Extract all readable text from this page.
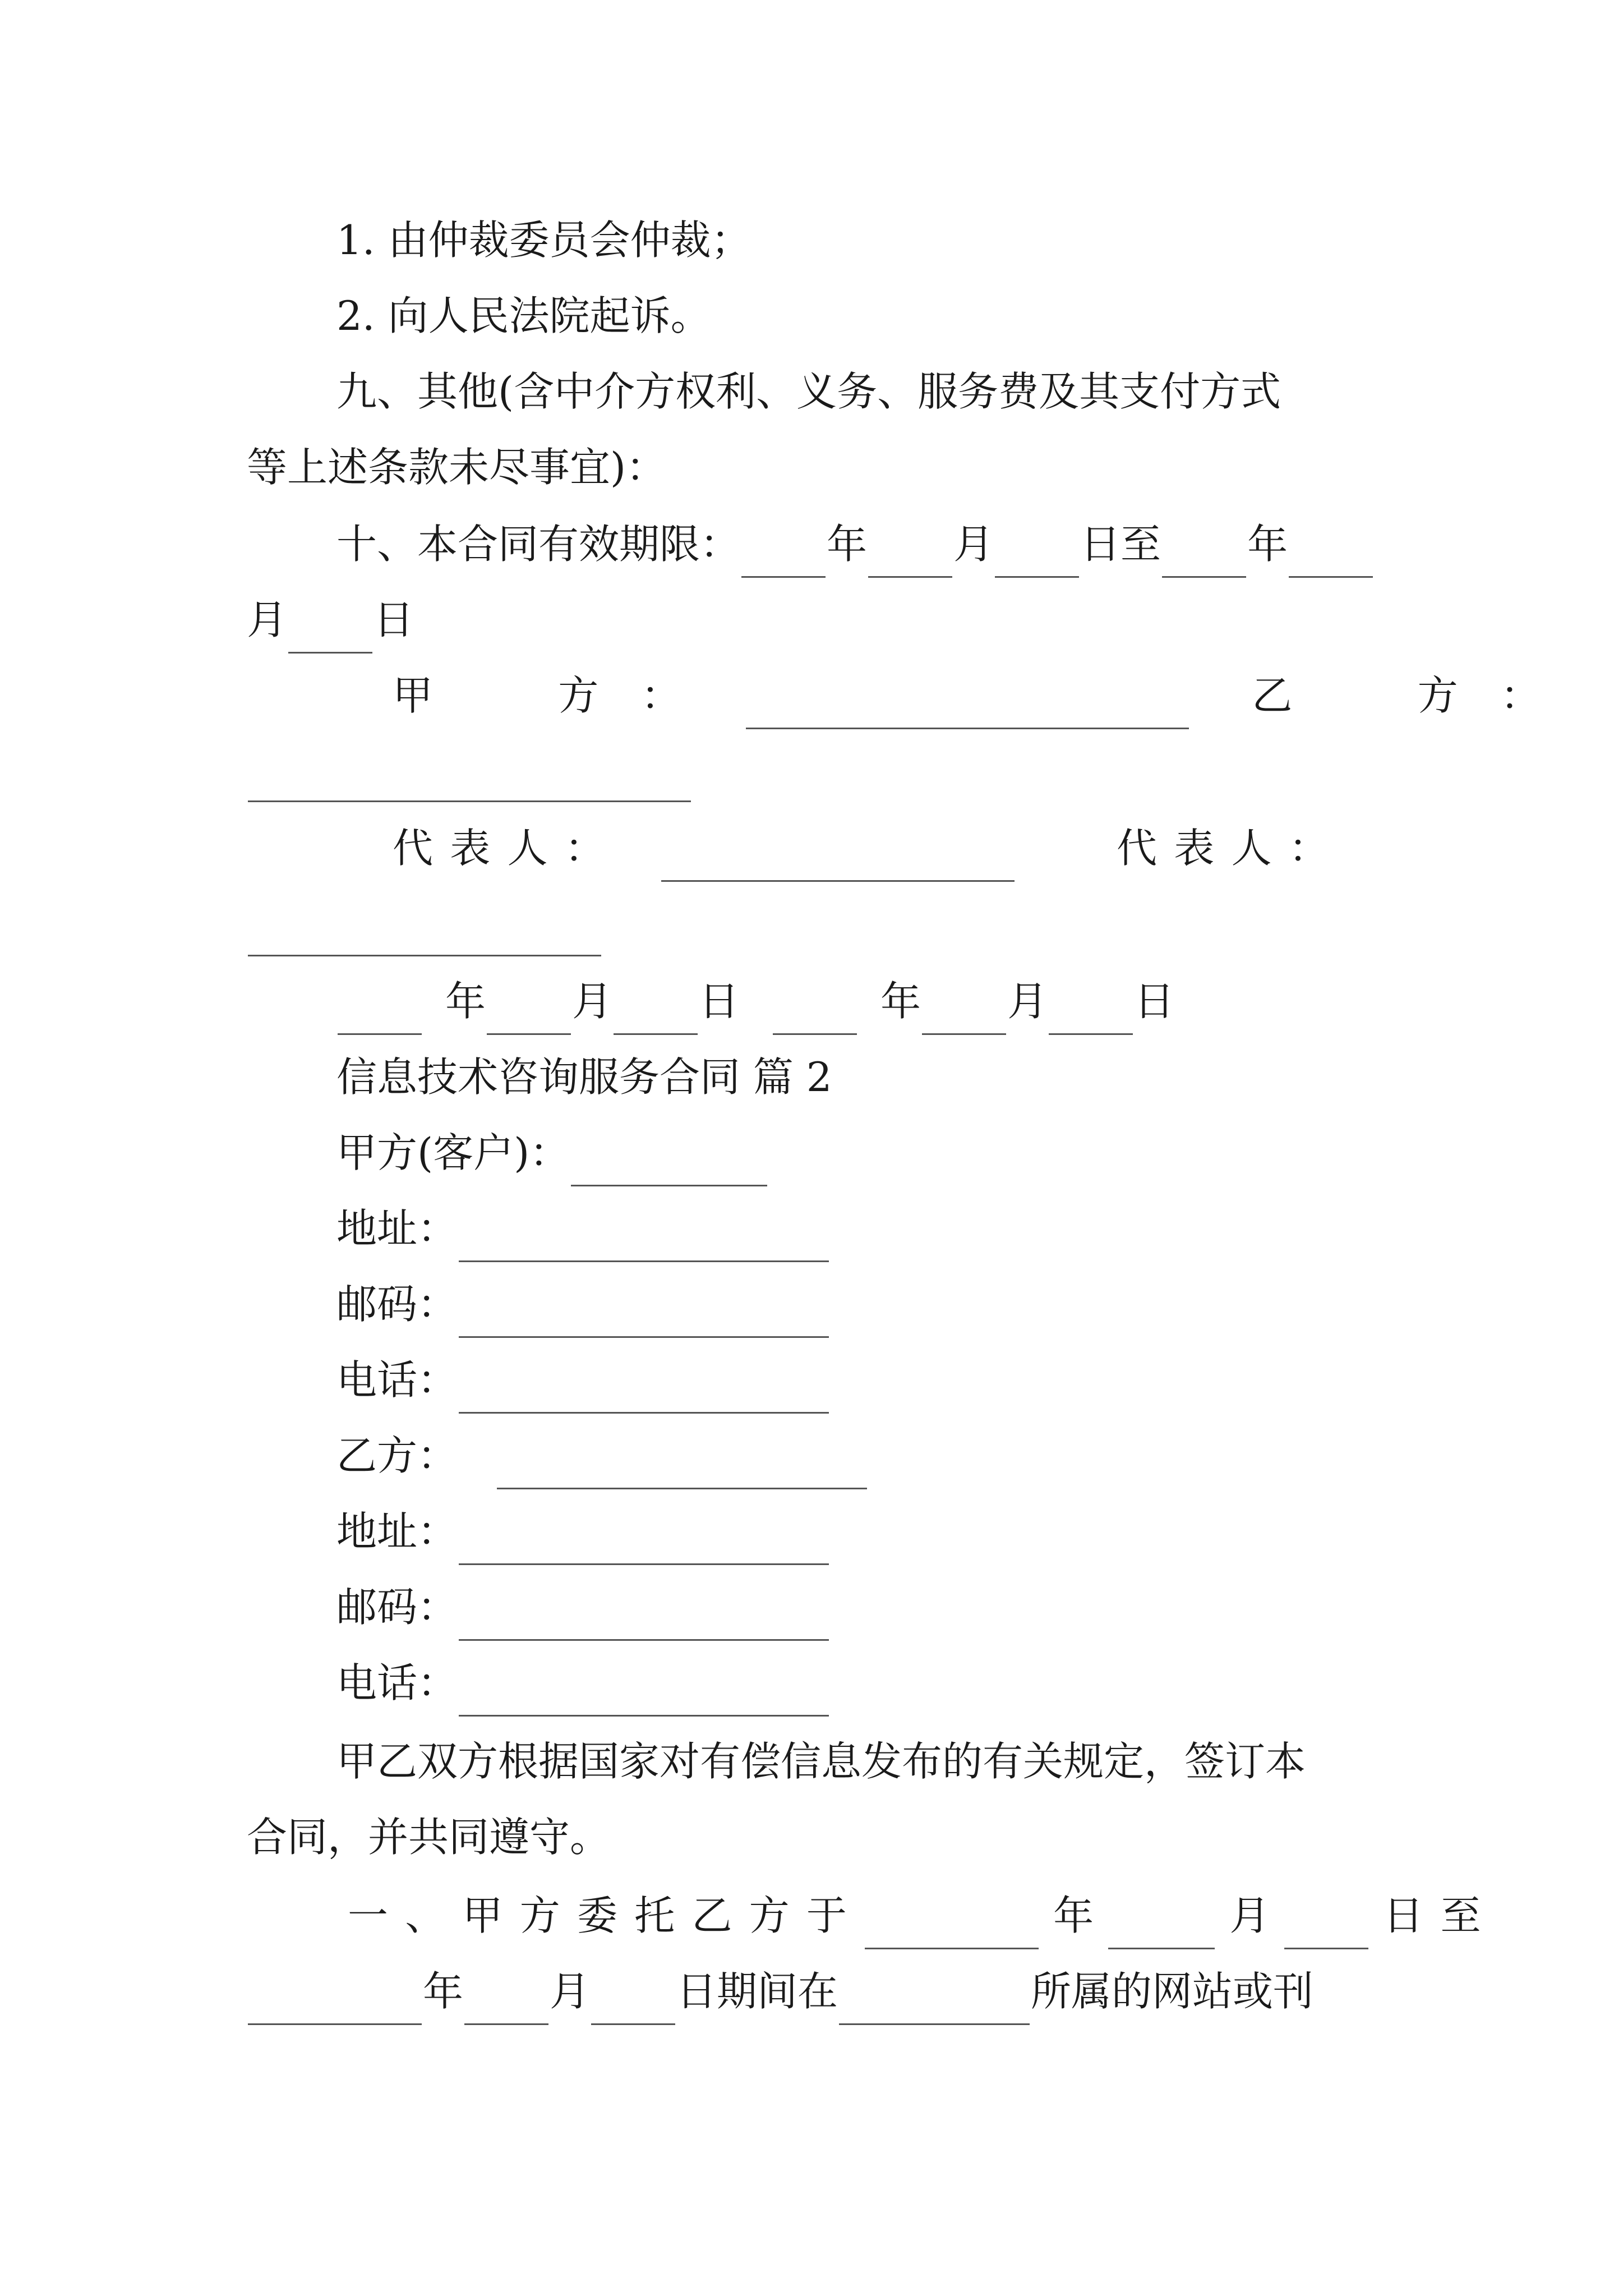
1. 由仲裁委员会仲裁；
2. 向人民法院起诉。
九、其他(含中介方权利、义务、服务费及其支付方式
等上述条款未尽事宜)：
十、本合同有效期限： 年 月 日至 年
月 日
甲　方：	乙　方：
代表人：	代表人：
年 月 日	年 月 日
信息技术咨询服务合同 篇 2
甲方(客户)：
地址：
邮码：
电话：
乙方：
地址：
邮码：
电话：
甲乙双方根据国家对有偿信息发布的有关规定，签订本
合同，并共同遵守。
一、甲方委托乙方于	年	月	日至
年 月 日期间在	所属的网站或刊
